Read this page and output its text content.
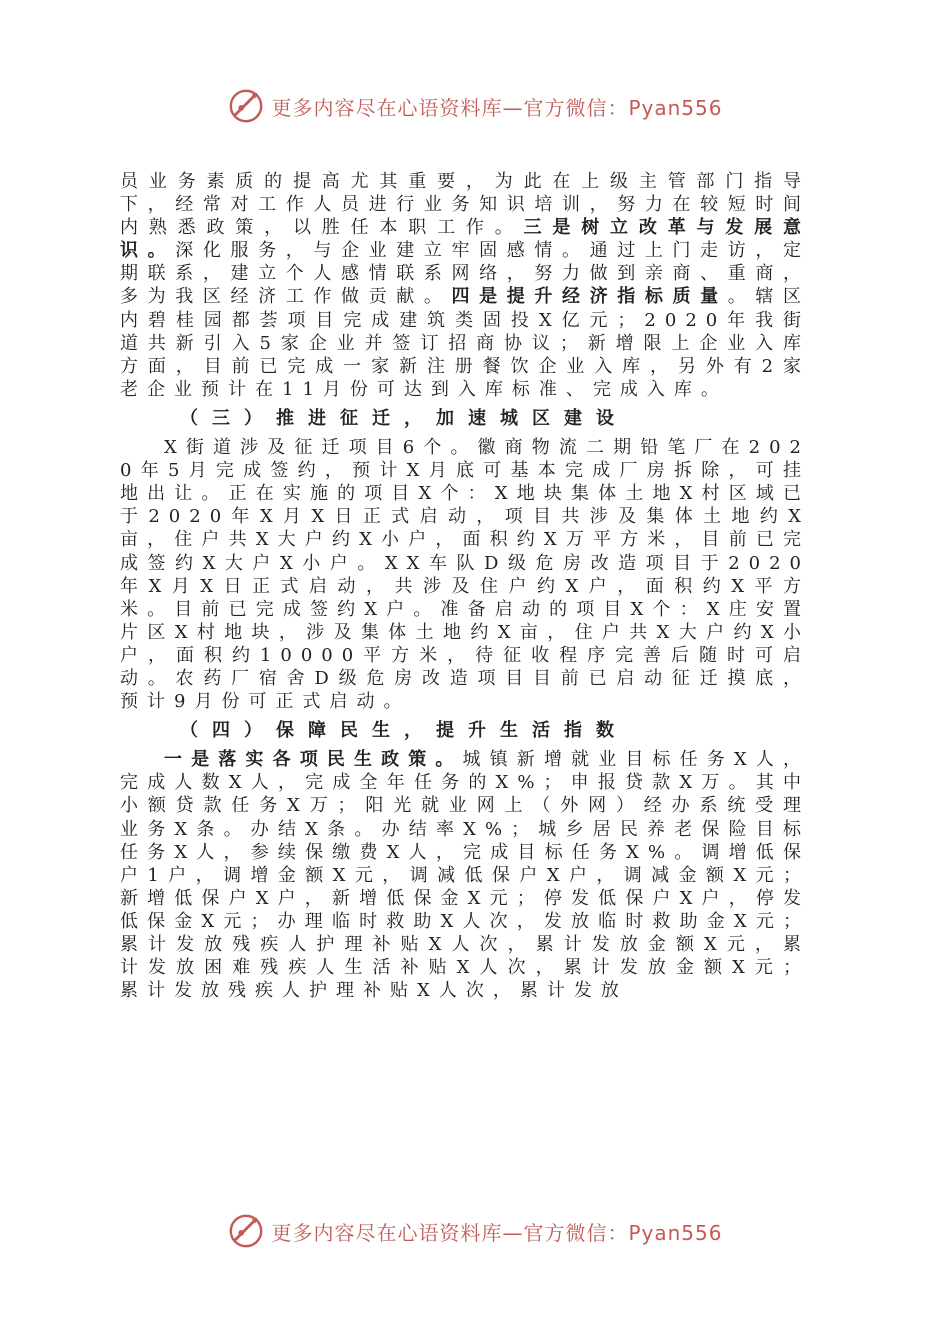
更多内容尽在心语资料库—官方微信：Pyan556

员业务素质的提高尤其重要，为此在上级主管部门指导下，经常对工作人员进行业务知识培训，努力在较短时间内熟悉政策，以胜任本职工作。三是树立改革与发展意识。深化服务，与企业建立牢固感情。通过上门走访，定期联系，建立个人感情联系网络，努力做到亲商、重商，多为我区经济工作做贡献。四是提升经济指标质量。辖区内碧桂园都荟项目完成建筑类固投X亿元；2020年我街道共新引入5家企业并签订招商协议；新增限上企业入库方面，目前已完成一家新注册餐饮企业入库，另外有2家老企业预计在11月份可达到入库标准、完成入库。

（三）推进征迁，加速城区建设

X街道涉及征迁项目6个。徽商物流二期铅笔厂在2020年5月完成签约，预计X月底可基本完成厂房拆除，可挂地出让。正在实施的项目X个：X地块集体土地X村区域已于2020年X月X日正式启动，项目共涉及集体土地约X亩，住户共X大户约X小户，面积约X万平方米，目前已完成签约X大户X小户。XX车队D级危房改造项目于2020年X月X日正式启动，共涉及住户约X户，面积约X平方米。目前已完成签约X户。准备启动的项目X个：X庄安置片区X村地块，涉及集体土地约X亩，住户共X大户约X小户，面积约10000平方米，待征收程序完善后随时可启动。农药厂宿舍D级危房改造项目目前已启动征迁摸底，预计9月份可正式启动。

（四）保障民生，提升生活指数

一是落实各项民生政策。城镇新增就业目标任务X人，完成人数X人，完成全年任务的X%；申报贷款X万。其中小额贷款任务X万；阳光就业网上（外网）经办系统受理业务X条。办结X条。办结率X%；城乡居民养老保险目标任务X人，参续保缴费X人，完成目标任务X%。调增低保户1户，调增金额X元，调减低保户X户，调减金额X元；新增低保户X户，新增低保金X元；停发低保户X户，停发低保金X元；办理临时救助X人次，发放临时救助金X元；累计发放残疾人护理补贴X人次，累计发放金额X元，累计发放困难残疾人生活补贴X人次，累计发放金额X元；累计发放残疾人护理补贴X人次，累计发放

更多内容尽在心语资料库—官方微信：Pyan556
